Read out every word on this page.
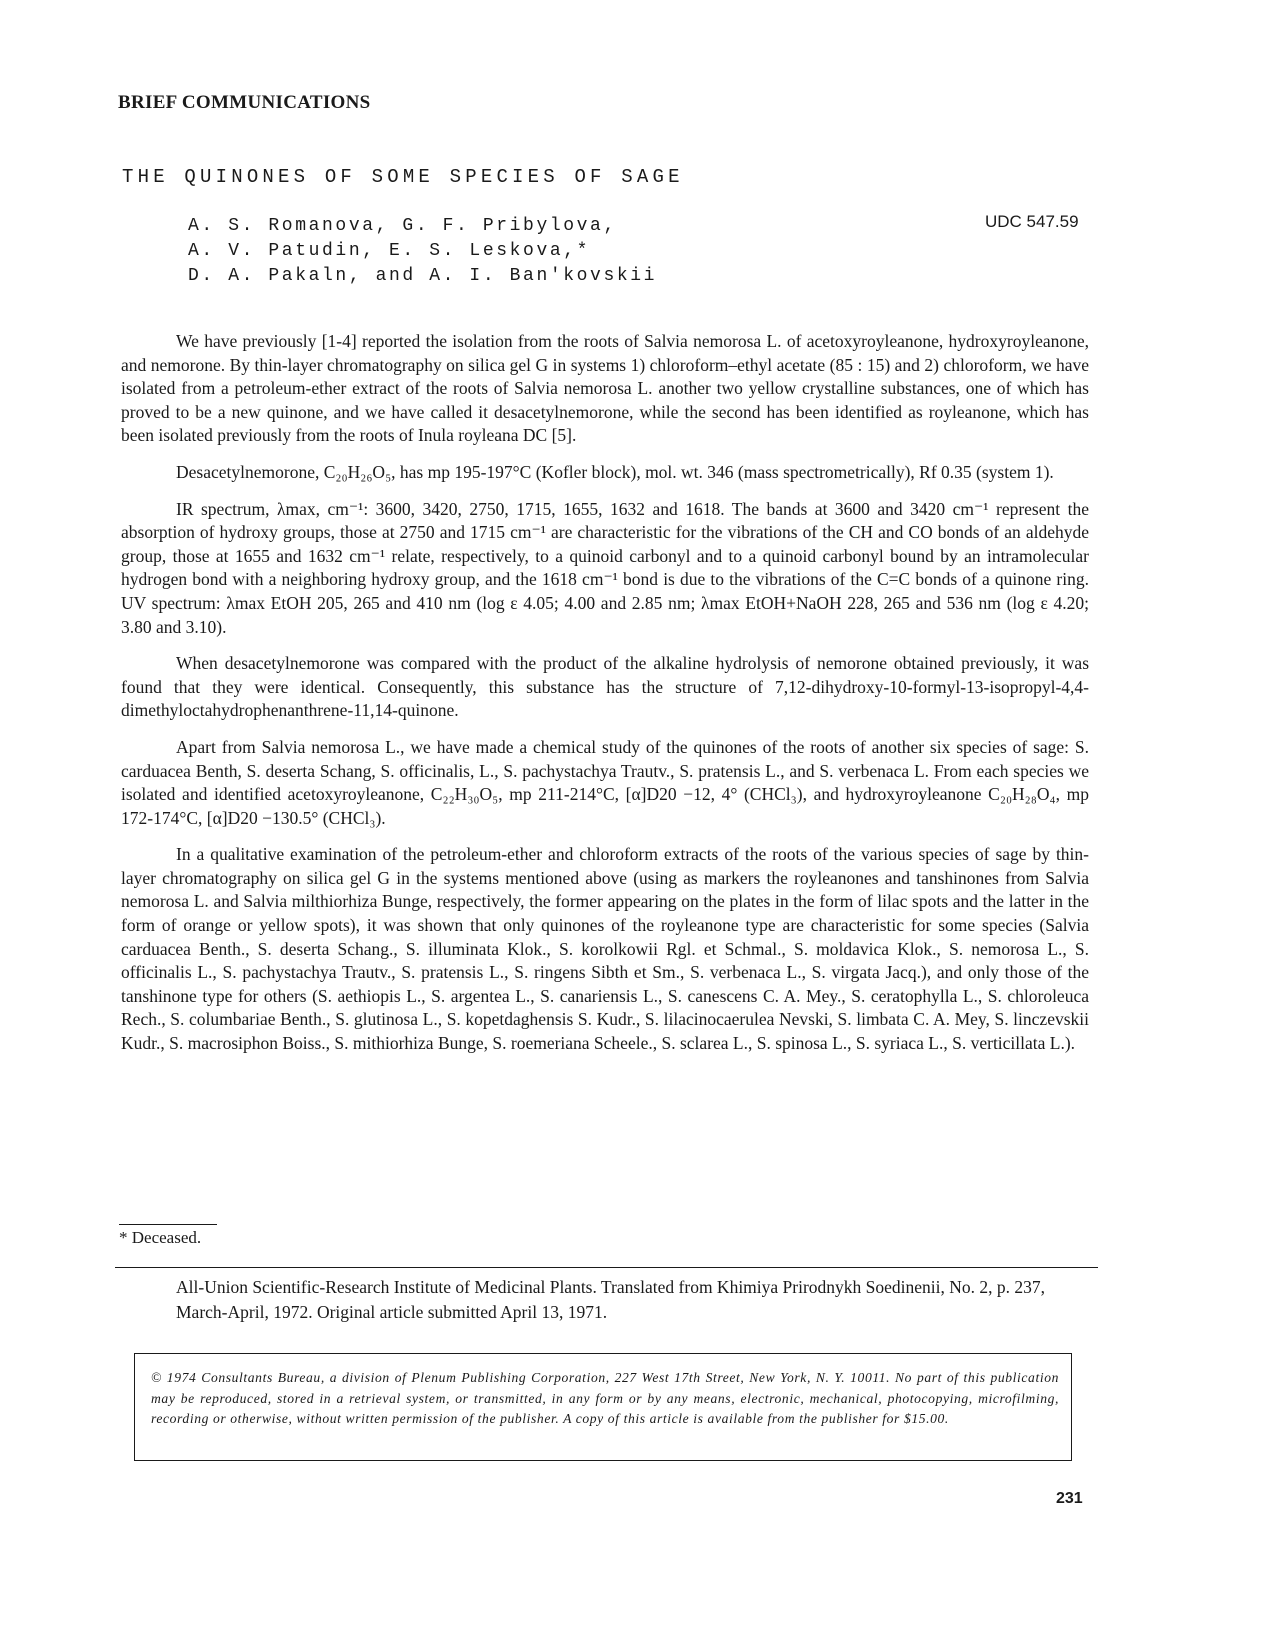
BRIEF COMMUNICATIONS
THE QUINONES OF SOME SPECIES OF SAGE
A. S. Romanova, G. F. Pribylova,
A. V. Patudin, E. S. Leskova,*
D. A. Pakaln, and A. I. Ban'kovskii
UDC 547.59

We have previously [1-4] reported the isolation from the roots of Salvia nemorosa L. of acetoxyroyleanone, hydroxyroyleanone, and nemorone. By thin-layer chromatography on silica gel G in systems 1) chloroform–ethyl acetate (85 : 15) and 2) chloroform, we have isolated from a petroleum-ether extract of the roots of Salvia nemorosa L. another two yellow crystalline substances, one of which has proved to be a new quinone, and we have called it desacetylnemorone, while the second has been identified as royleanone, which has been isolated previously from the roots of Inula royleana DC [5].

Desacetylnemorone, C₂₀H₂₆O₅, has mp 195-197°C (Kofler block), mol. wt. 346 (mass spectrometrically), Rf 0.35 (system 1).

IR spectrum, λmax, cm⁻¹: 3600, 3420, 2750, 1715, 1655, 1632 and 1618. The bands at 3600 and 3420 cm⁻¹ represent the absorption of hydroxy groups, those at 2750 and 1715 cm⁻¹ are characteristic for the vibrations of the CH and CO bonds of an aldehyde group, those at 1655 and 1632 cm⁻¹ relate, respectively, to a quinoid carbonyl and to a quinoid carbonyl bound by an intramolecular hydrogen bond with a neighboring hydroxy group, and the 1618 cm⁻¹ bond is due to the vibrations of the C=C bonds of a quinone ring. UV spectrum: λmax EtOH 205, 265 and 410 nm (log ε 4.05; 4.00 and 2.85 nm; λmax EtOH+NaOH 228, 265 and 536 nm (log ε 4.20; 3.80 and 3.10).

When desacetylnemorone was compared with the product of the alkaline hydrolysis of nemorone obtained previously, it was found that they were identical. Consequently, this substance has the structure of 7,12-dihydroxy-10-formyl-13-isopropyl-4,4-dimethyloctahydrophenanthrene-11,14-quinone.

Apart from Salvia nemorosa L., we have made a chemical study of the quinones of the roots of another six species of sage: S. carduacea Benth, S. deserta Schang, S. officinalis, L., S. pachystachya Trautv., S. pratensis L., and S. verbenaca L. From each species we isolated and identified acetoxyroyleanone, C₂₂H₃₀O₅, mp 211-214°C, [α]D20 −12, 4° (CHCl₃), and hydroxyroyleanone C₂₀H₂₈O₄, mp 172-174°C, [α]D20 −130.5° (CHCl₃).

In a qualitative examination of the petroleum-ether and chloroform extracts of the roots of the various species of sage by thin-layer chromatography on silica gel G in the systems mentioned above (using as markers the royleanones and tanshinones from Salvia nemorosa L. and Salvia milthiorhiza Bunge, respectively, the former appearing on the plates in the form of lilac spots and the latter in the form of orange or yellow spots), it was shown that only quinones of the royleanone type are characteristic for some species (Salvia carduacea Benth., S. deserta Schang., S. illuminata Klok., S. korolkowii Rgl. et Schmal., S. moldavica Klok., S. nemorosa L., S. officinalis L., S. pachystachya Trautv., S. pratensis L., S. ringens Sibth et Sm., S. verbenaca L., S. virgata Jacq.), and only those of the tanshinone type for others (S. aethiopis L., S. argentea L., S. canariensis L., S. canescens C. A. Mey., S. ceratophylla L., S. chloroleuca Rech., S. columbariae Benth., S. glutinosa L., S. kopetdaghensis S. Kudr., S. lilacinocaerulea Nevski, S. limbata C. A. Mey, S. linczevskii Kudr., S. macrosiphon Boiss., S. mithiorhiza Bunge, S. roemeriana Scheele., S. sclarea L., S. spinosa L., S. syriaca L., S. verticillata L.).

* Deceased.
All-Union Scientific-Research Institute of Medicinal Plants. Translated from Khimiya Prirodnykh Soedinenii, No. 2, p. 237, March-April, 1972. Original article submitted April 13, 1971.
© 1974 Consultants Bureau, a division of Plenum Publishing Corporation, 227 West 17th Street, New York, N. Y. 10011. No part of this publication may be reproduced, stored in a retrieval system, or transmitted, in any form or by any means, electronic, mechanical, photocopying, microfilming, recording or otherwise, without written permission of the publisher. A copy of this article is available from the publisher for $15.00.
231
